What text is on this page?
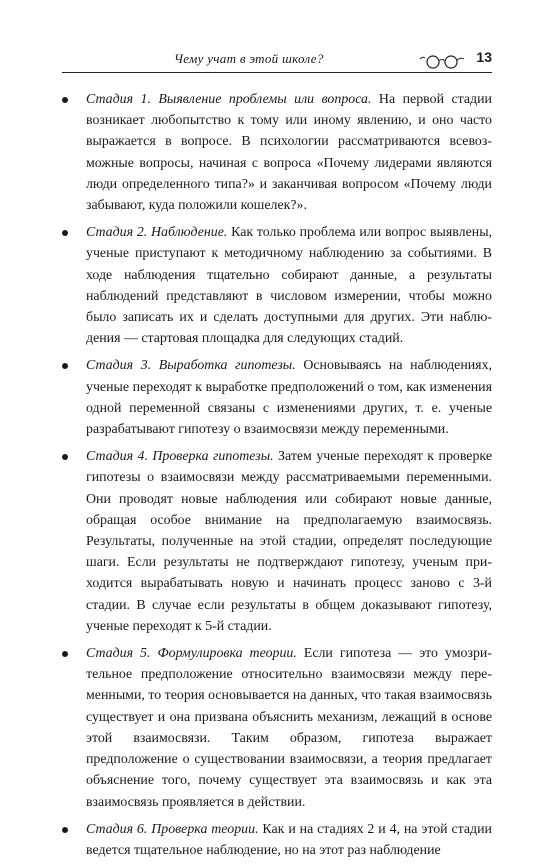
Чему учат в этой школе?	13
Стадия 1. Выявление проблемы или вопроса. На первой стадии возникает любопытство к тому или иному явлению, и оно часто выражается в вопросе. В психологии рассматриваются всевозможные вопросы, начиная с вопроса «Почему лидерами являются люди определенного типа?» и заканчивая вопросом «Почему люди забывают, куда положили кошелек?».
Стадия 2. Наблюдение. Как только проблема или вопрос выявлены, ученые приступают к методичному наблюдению за событиями. В ходе наблюдения тщательно собирают данные, а результаты наблюдений представляют в числовом измерении, чтобы можно было записать их и сделать доступными для других. Эти наблюдения — стартовая площадка для следующих стадий.
Стадия 3. Выработка гипотезы. Основываясь на наблюдениях, ученые переходят к выработке предположений о том, как изменения одной переменной связаны с изменениями других, т. е. ученые разрабатывают гипотезу о взаимосвязи между переменными.
Стадия 4. Проверка гипотезы. Затем ученые переходят к проверке гипотезы о взаимосвязи между рассматриваемыми переменными. Они проводят новые наблюдения или собирают новые данные, обращая особое внимание на предполагаемую взаимосвязь. Результаты, полученные на этой стадии, определят последующие шаги. Если результаты не подтверждают гипотезу, ученым приходится вырабатывать новую и начинать процесс заново с 3-й стадии. В случае если результаты в общем доказывают гипотезу, ученые переходят к 5-й стадии.
Стадия 5. Формулировка теории. Если гипотеза — это умозрительное предположение относительно взаимосвязи между переменными, то теория основывается на данных, что такая взаимосвязь существует и она призвана объяснить механизм, лежащий в основе этой взаимосвязи. Таким образом, гипотеза выражает предположение о существовании взаимосвязи, а теория предлагает объяснение того, почему существует эта взаимосвязь и как эта взаимосвязь проявляется в действии.
Стадия 6. Проверка теории. Как и на стадиях 2 и 4, на этой стадии ведется тщательное наблюдение, но на этот раз наблюдение
